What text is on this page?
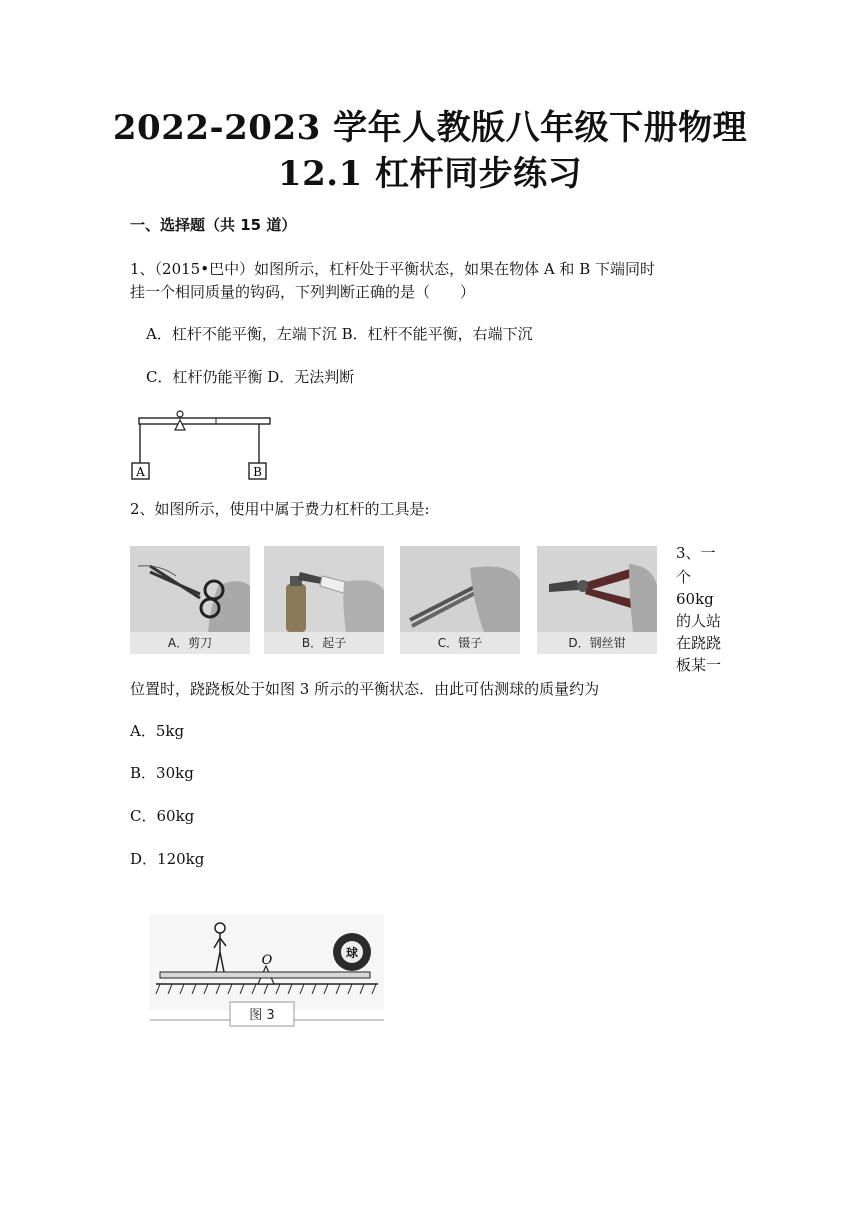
2022-2023 学年人教版八年级下册物理
12.1 杠杆同步练习
一、选择题（共 15 道）
1、（2015•巴中）如图所示，杠杆处于平衡状态，如果在物体 A 和 B 下端同时
挂一个相同质量的钩码，下列判断正确的是（　　）
A．杠杆不能平衡，左端下沉 B．杠杆不能平衡，右端下沉
C．杠杆仍能平衡 D．无法判断
A	B
2、如图所示，使用中属于费力杠杆的工具是:
A．剪刀	B．起子	C．镊子	D．钢丝钳
3、一
个
60kg
的人站
在跷跷
板某一
位置时，跷跷板处于如图 3 所示的平衡状态．由此可估测球的质量约为
A．5kg
B．30kg
C．60kg
D．120kg
O	球
图 3
